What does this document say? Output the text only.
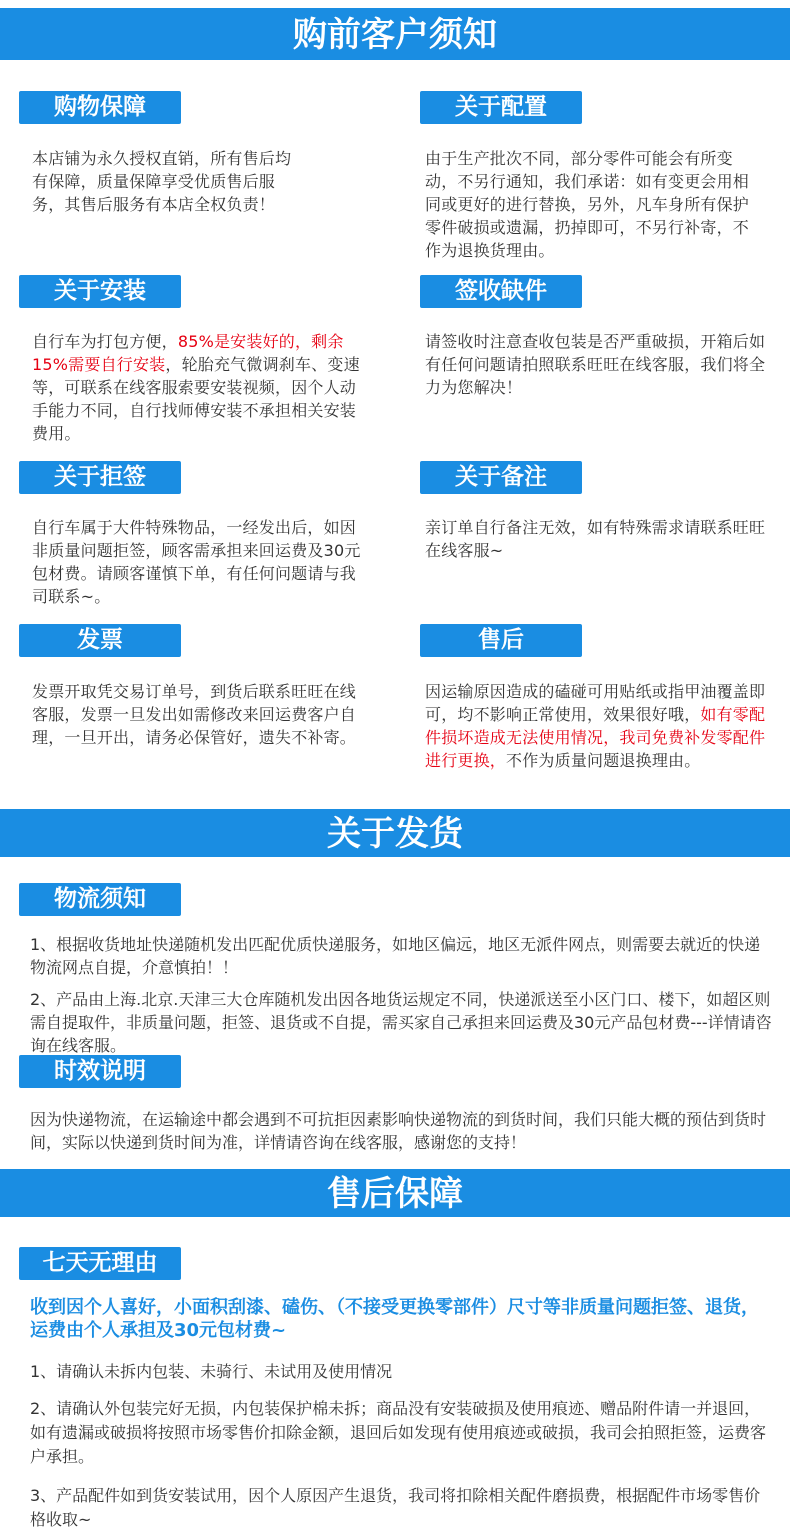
购前客户须知
购物保障
本店铺为永久授权直销，所有售后均有保障，质量保障享受优质售后服务，其售后服务有本店全权负责！
关于配置
由于生产批次不同，部分零件可能会有所变动，不另行通知，我们承诺：如有变更会用相同或更好的进行替换，另外，凡车身所有保护零件破损或遗漏，扔掉即可，不另行补寄，不作为退换货理由。
关于安装
自行车为打包方便，85%是安装好的，剩余15%需要自行安装，轮胎充气微调刹车、变速等，可联系在线客服索要安装视频，因个人动手能力不同，自行找师傅安装不承担相关安装费用。
签收缺件
请签收时注意查收包装是否严重破损，开箱后如有任何问题请拍照联系旺旺在线客服，我们将全力为您解决！
关于拒签
自行车属于大件特殊物品，一经发出后，如因非质量问题拒签，顾客需承担来回运费及30元包材费。请顾客谨慎下单，有任何问题请与我司联系~。
关于备注
亲订单自行备注无效，如有特殊需求请联系旺旺在线客服~
发票
发票开取凭交易订单号，到货后联系旺旺在线客服，发票一旦发出如需修改来回运费客户自理，一旦开出，请务必保管好，遗失不补寄。
售后
因运输原因造成的磕碰可用贴纸或指甲油覆盖即可，均不影响正常使用，效果很好哦，如有零配件损坏造成无法使用情况，我司免费补发零配件进行更换，不作为质量问题退换理由。
关于发货
物流须知
1、根据收货地址快递随机发出匹配优质快递服务，如地区偏远，地区无派件网点，则需要去就近的快递物流网点自提，介意慎拍！！
2、产品由上海.北京.天津三大仓库随机发出因各地货运规定不同，快递派送至小区门口、楼下，如超区则需自提取件，非质量问题，拒签、退货或不自提，需买家自己承担来回运费及30元产品包材费---详情请咨询在线客服。
时效说明
因为快递物流，在运输途中都会遇到不可抗拒因素影响快递物流的到货时间，我们只能大概的预估到货时间，实际以快递到货时间为准，详情请咨询在线客服，感谢您的支持！
售后保障
七天无理由
收到因个人喜好，小面积刮漆、磕伤、（不接受更换零部件）尺寸等非质量问题拒签、退货，运费由个人承担及30元包材费~
1、请确认未拆内包装、未骑行、未试用及使用情况
2、请确认外包装完好无损，内包装保护棉未拆；商品没有安装破损及使用痕迹、赠品附件请一并退回，如有遗漏或破损将按照市场零售价扣除金额，退回后如发现有使用痕迹或破损，我司会拍照拒签，运费客户承担。
3、产品配件如到货安装试用，因个人原因产生退货，我司将扣除相关配件磨损费，根据配件市场零售价格收取~
